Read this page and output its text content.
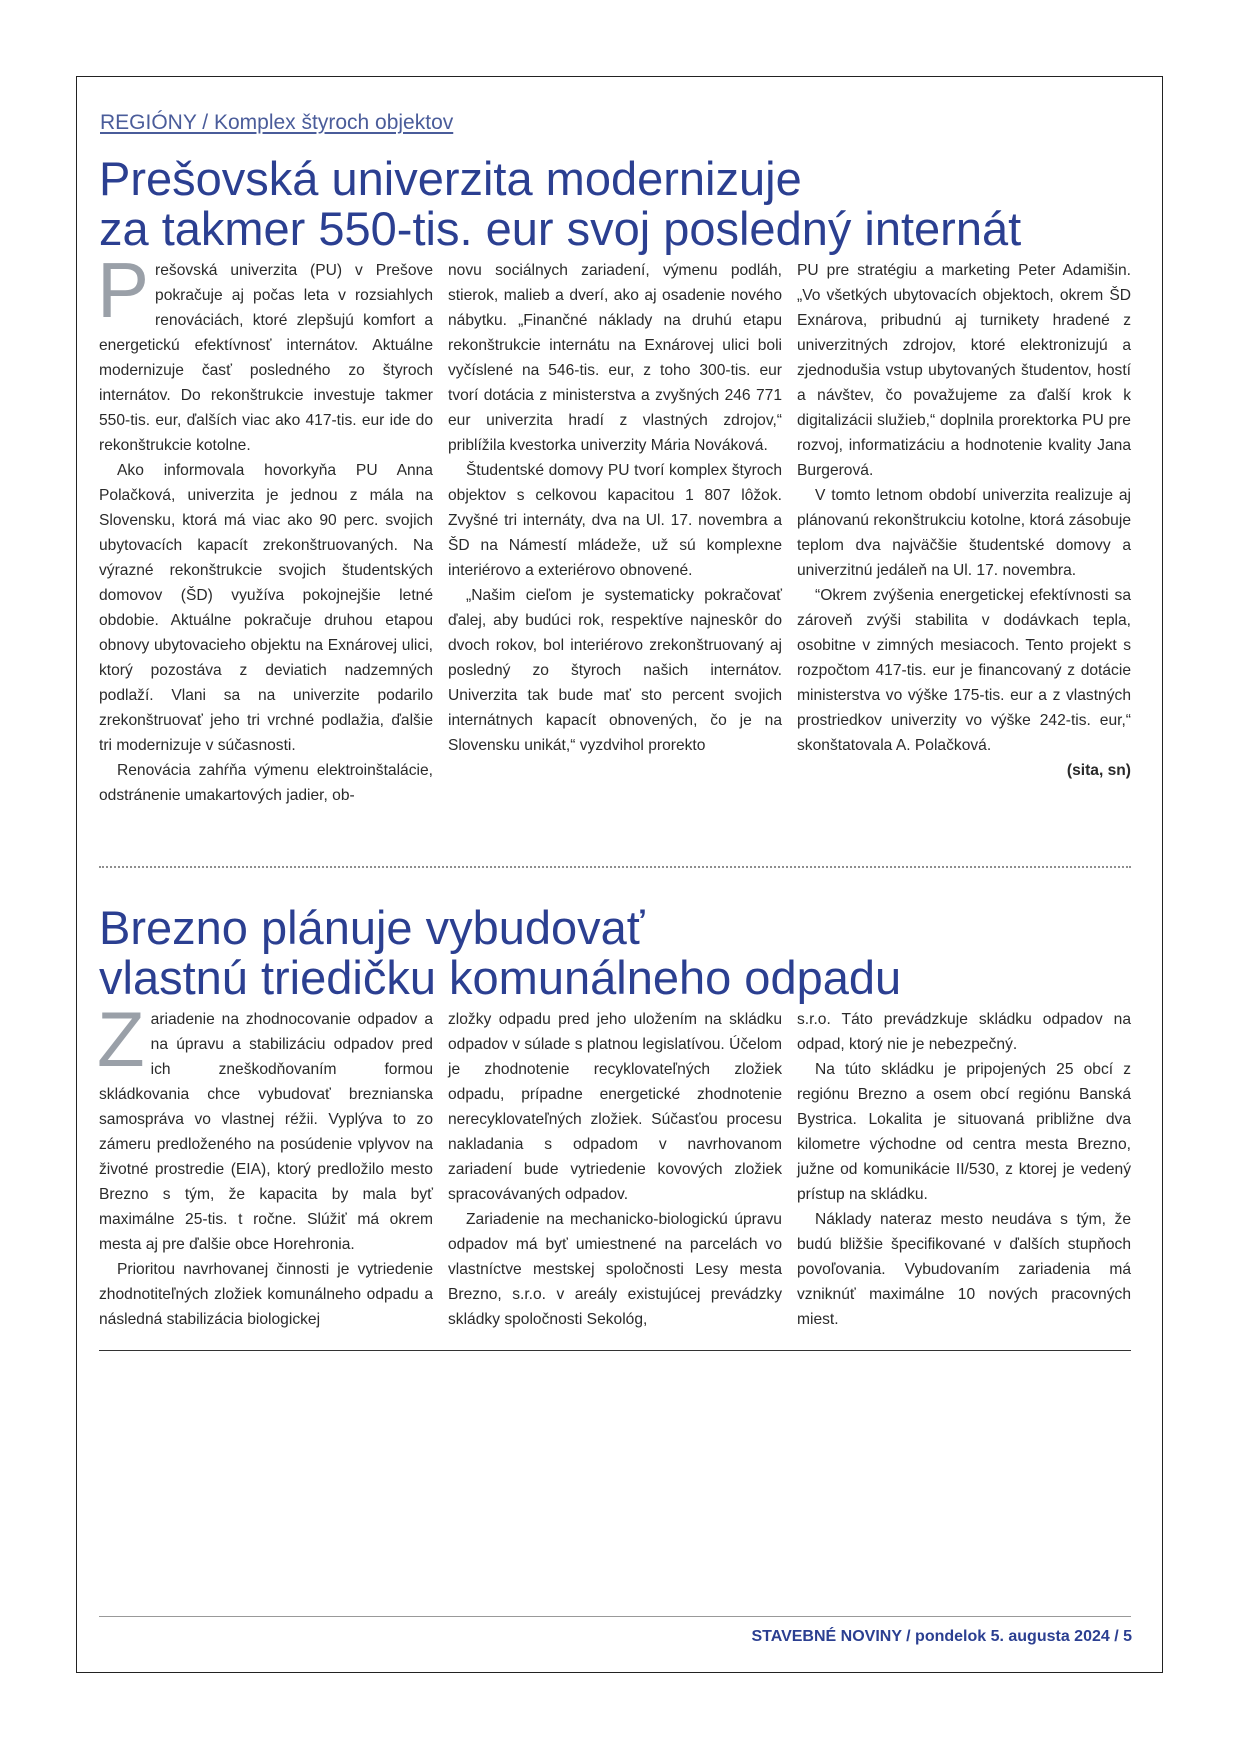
REGIÓNY / Komplex štyroch objektov
Prešovská univerzita modernizuje
za takmer 550-tis. eur svoj posledný internát

Prešovská univerzita (PU) v Prešove pokračuje aj počas leta v rozsiahlych renováciách, ktoré zlepšujú komfort a energetickú efektívnosť internátov. Aktuálne modernizuje časť posledného zo štyroch internátov. Do rekonštrukcie investuje takmer 550-tis. eur, ďalších viac ako 417-tis. eur ide do rekonštrukcie kotolne.

Ako informovala hovorkyňa PU Anna Polačková, univerzita je jednou z mála na Slovensku, ktorá má viac ako 90 perc. svojich ubytovacích kapacít zrekonštruovaných. Na výrazné rekonštrukcie svojich študentských domovov (ŠD) využíva pokojnejšie letné obdobie. Aktuálne pokračuje druhou etapou obnovy ubytovacieho objektu na Exnárovej ulici, ktorý pozostáva z deviatich nadzemných podlaží. Vlani sa na univerzite podarilo zrekonštruovať jeho tri vrchné podlažia, ďalšie tri modernizuje v súčasnosti.

Renovácia zahŕňa výmenu elektroinštalácie, odstránenie umakartových jadier, ob-

novu sociálnych zariadení, výmenu podláh, stierok, malieb a dverí, ako aj osadenie nového nábytku. „Finančné náklady na druhú etapu rekonštrukcie internátu na Exnárovej ulici boli vyčíslené na 546-tis. eur, z toho 300-tis. eur tvorí dotácia z ministerstva a zvyšných 246 771 eur univerzita hradí z vlastných zdrojov,“ priblížila kvestorka univerzity Mária Nováková.

Študentské domovy PU tvorí komplex štyroch objektov s celkovou kapacitou 1 807 lôžok. Zvyšné tri internáty, dva na Ul. 17. novembra a ŠD na Námestí mládeže, už sú komplexne interiérovo a exteriérovo obnovené.

„Našim cieľom je systematicky pokračovať ďalej, aby budúci rok, respektíve najneskôr do dvoch rokov, bol interiérovo zrekonštruovaný aj posledný zo štyroch našich internátov. Univerzita tak bude mať sto percent svojich internátnych kapacít obnovených, čo je na Slovensku unikát,“ vyzdvihol prorekto

PU pre stratégiu a marketing Peter Adamišin. „Vo všetkých ubytovacích objektoch, okrem ŠD Exnárova, pribudnú aj turnikety hradené z univerzitných zdrojov, ktoré elektronizujú a zjednodušia vstup ubytovaných študentov, hostí a návštev, čo považujeme za ďalší krok k digitalizácii služieb,“ doplnila prorektorka PU pre rozvoj, informatizáciu a hodnotenie kvality Jana Burgerová.

V tomto letnom období univerzita realizuje aj plánovanú rekonštrukciu kotolne, ktorá zásobuje teplom dva najväčšie študentské domovy a univerzitnú jedáleň na Ul. 17. novembra.

“Okrem zvýšenia energetickej efektívnosti sa zároveň zvýši stabilita v dodávkach tepla, osobitne v zimných mesiacoch. Tento projekt s rozpočtom 417-tis. eur je financovaný z dotácie ministerstva vo výške 175-tis. eur a z vlastných prostriedkov univerzity vo výške 242-tis. eur,“ skonštatovala A. Polačková.

(sita, sn)

Brezno plánuje vybudovať
vlastnú triedičku komunálneho odpadu

Zariadenie na zhodnocovanie odpadov a na úpravu a stabilizáciu odpadov pred ich zneškodňovaním formou skládkovania chce vybudovať breznianska samospráva vo vlastnej réžii. Vyplýva to zo zámeru predloženého na posúdenie vplyvov na životné prostredie (EIA), ktorý predložilo mesto Brezno s tým, že kapacita by mala byť maximálne 25-tis. t ročne. Slúžiť má okrem mesta aj pre ďalšie obce Horehronia.

Prioritou navrhovanej činnosti je vytriedenie zhodnotiteľných zložiek komunálneho odpadu a následná stabilizácia biologickej

zložky odpadu pred jeho uložením na skládku odpadov v súlade s platnou legislatívou. Účelom je zhodnotenie recyklovateľných zložiek odpadu, prípadne energetické zhodnotenie nerecyklovateľných zložiek. Súčasťou procesu nakladania s odpadom v navrhovanom zariadení bude vytriedenie kovových zložiek spracovávaných odpadov.

Zariadenie na mechanicko-biologickú úpravu odpadov má byť umiestnené na parcelách vo vlastníctve mestskej spoločnosti Lesy mesta Brezno, s.r.o. v areály existujúcej prevádzky skládky spoločnosti Sekológ,

s.r.o. Táto prevádzkuje skládku odpadov na odpad, ktorý nie je nebezpečný.

Na túto skládku je pripojených 25 obcí z regiónu Brezno a osem obcí regiónu Banská Bystrica. Lokalita je situovaná približne dva kilometre východne od centra mesta Brezno, južne od komunikácie II/530, z ktorej je vedený prístup na skládku.

Náklady nateraz mesto neudáva s tým, že budú bližšie špecifikované v ďalších stupňoch povoľovania. Vybudovaním zariadenia má vzniknúť maximálne 10 nových pracovných miest.

STAVEBNÉ NOVINY / pondelok 5. augusta 2024 / 5
